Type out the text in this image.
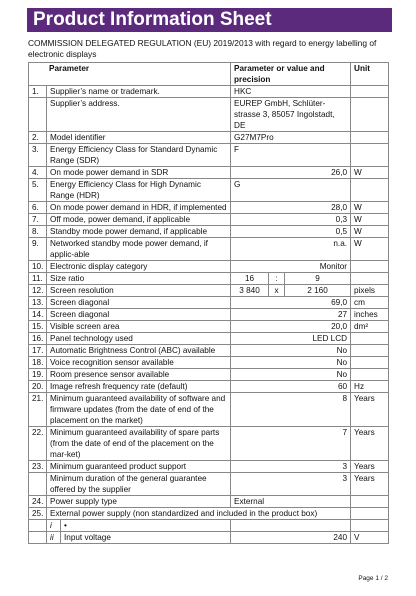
Product Information Sheet
COMMISSION DELEGATED REGULATION (EU) 2019/2013 with regard to energy labelling of electronic displays
Parameter			Parameter or value and precision			Unit
1.	Supplier’s name or trademark.		HKC			
	Supplier’s address.		EUREP GmbH, Schlüter-strasse 3, 85057 Ingolstadt, DE			
2.	Model identifier		G27M7Pro			
3.	Energy Efficiency Class for Standard Dynamic Range (SDR)		F			
4.	On mode power demand in SDR		26,0			W
5.	Energy Efficiency Class for High Dynamic Range (HDR)		G			
6.	On mode power demand in HDR, if implemented		28,0			W
7.	Off mode, power demand, if applicable		0,3			W
8.	Standby mode power demand, if applicable		0,5			W
9.	Networked standby mode power demand, if applic-able		n.a.			W
10.	Electronic display category		Monitor			
11.	Size ratio		16	:	9	
12.	Screen resolution		3 840	x	2 160	pixels
13.	Screen diagonal		69,0			cm
14.	Screen diagonal		27			inches
15.	Visible screen area		20,0			dm²
16.	Panel technology used		LED LCD			
17.	Automatic Brightness Control (ABC) available		No			
18.	Voice recognition sensor available		No			
19.	Room presence sensor available		No			
20.	Image refresh frequency rate (default)		60			Hz
21.	Minimum guaranteed availability of software and firmware updates (from the date of end of the placement on the market)		8			Years
22.	Minimum guaranteed availability of spare parts (from the date of end of the placement on the mar-ket)		7			Years
23.	Minimum guaranteed product support		3			Years
	Minimum duration of the general guarantee offered by the supplier		3			Years
24.	Power supply type		External			
25.	External power supply (non standardized and included in the product box)					
	i	•				
	ii	Input voltage	240			V
Page 1 / 2
